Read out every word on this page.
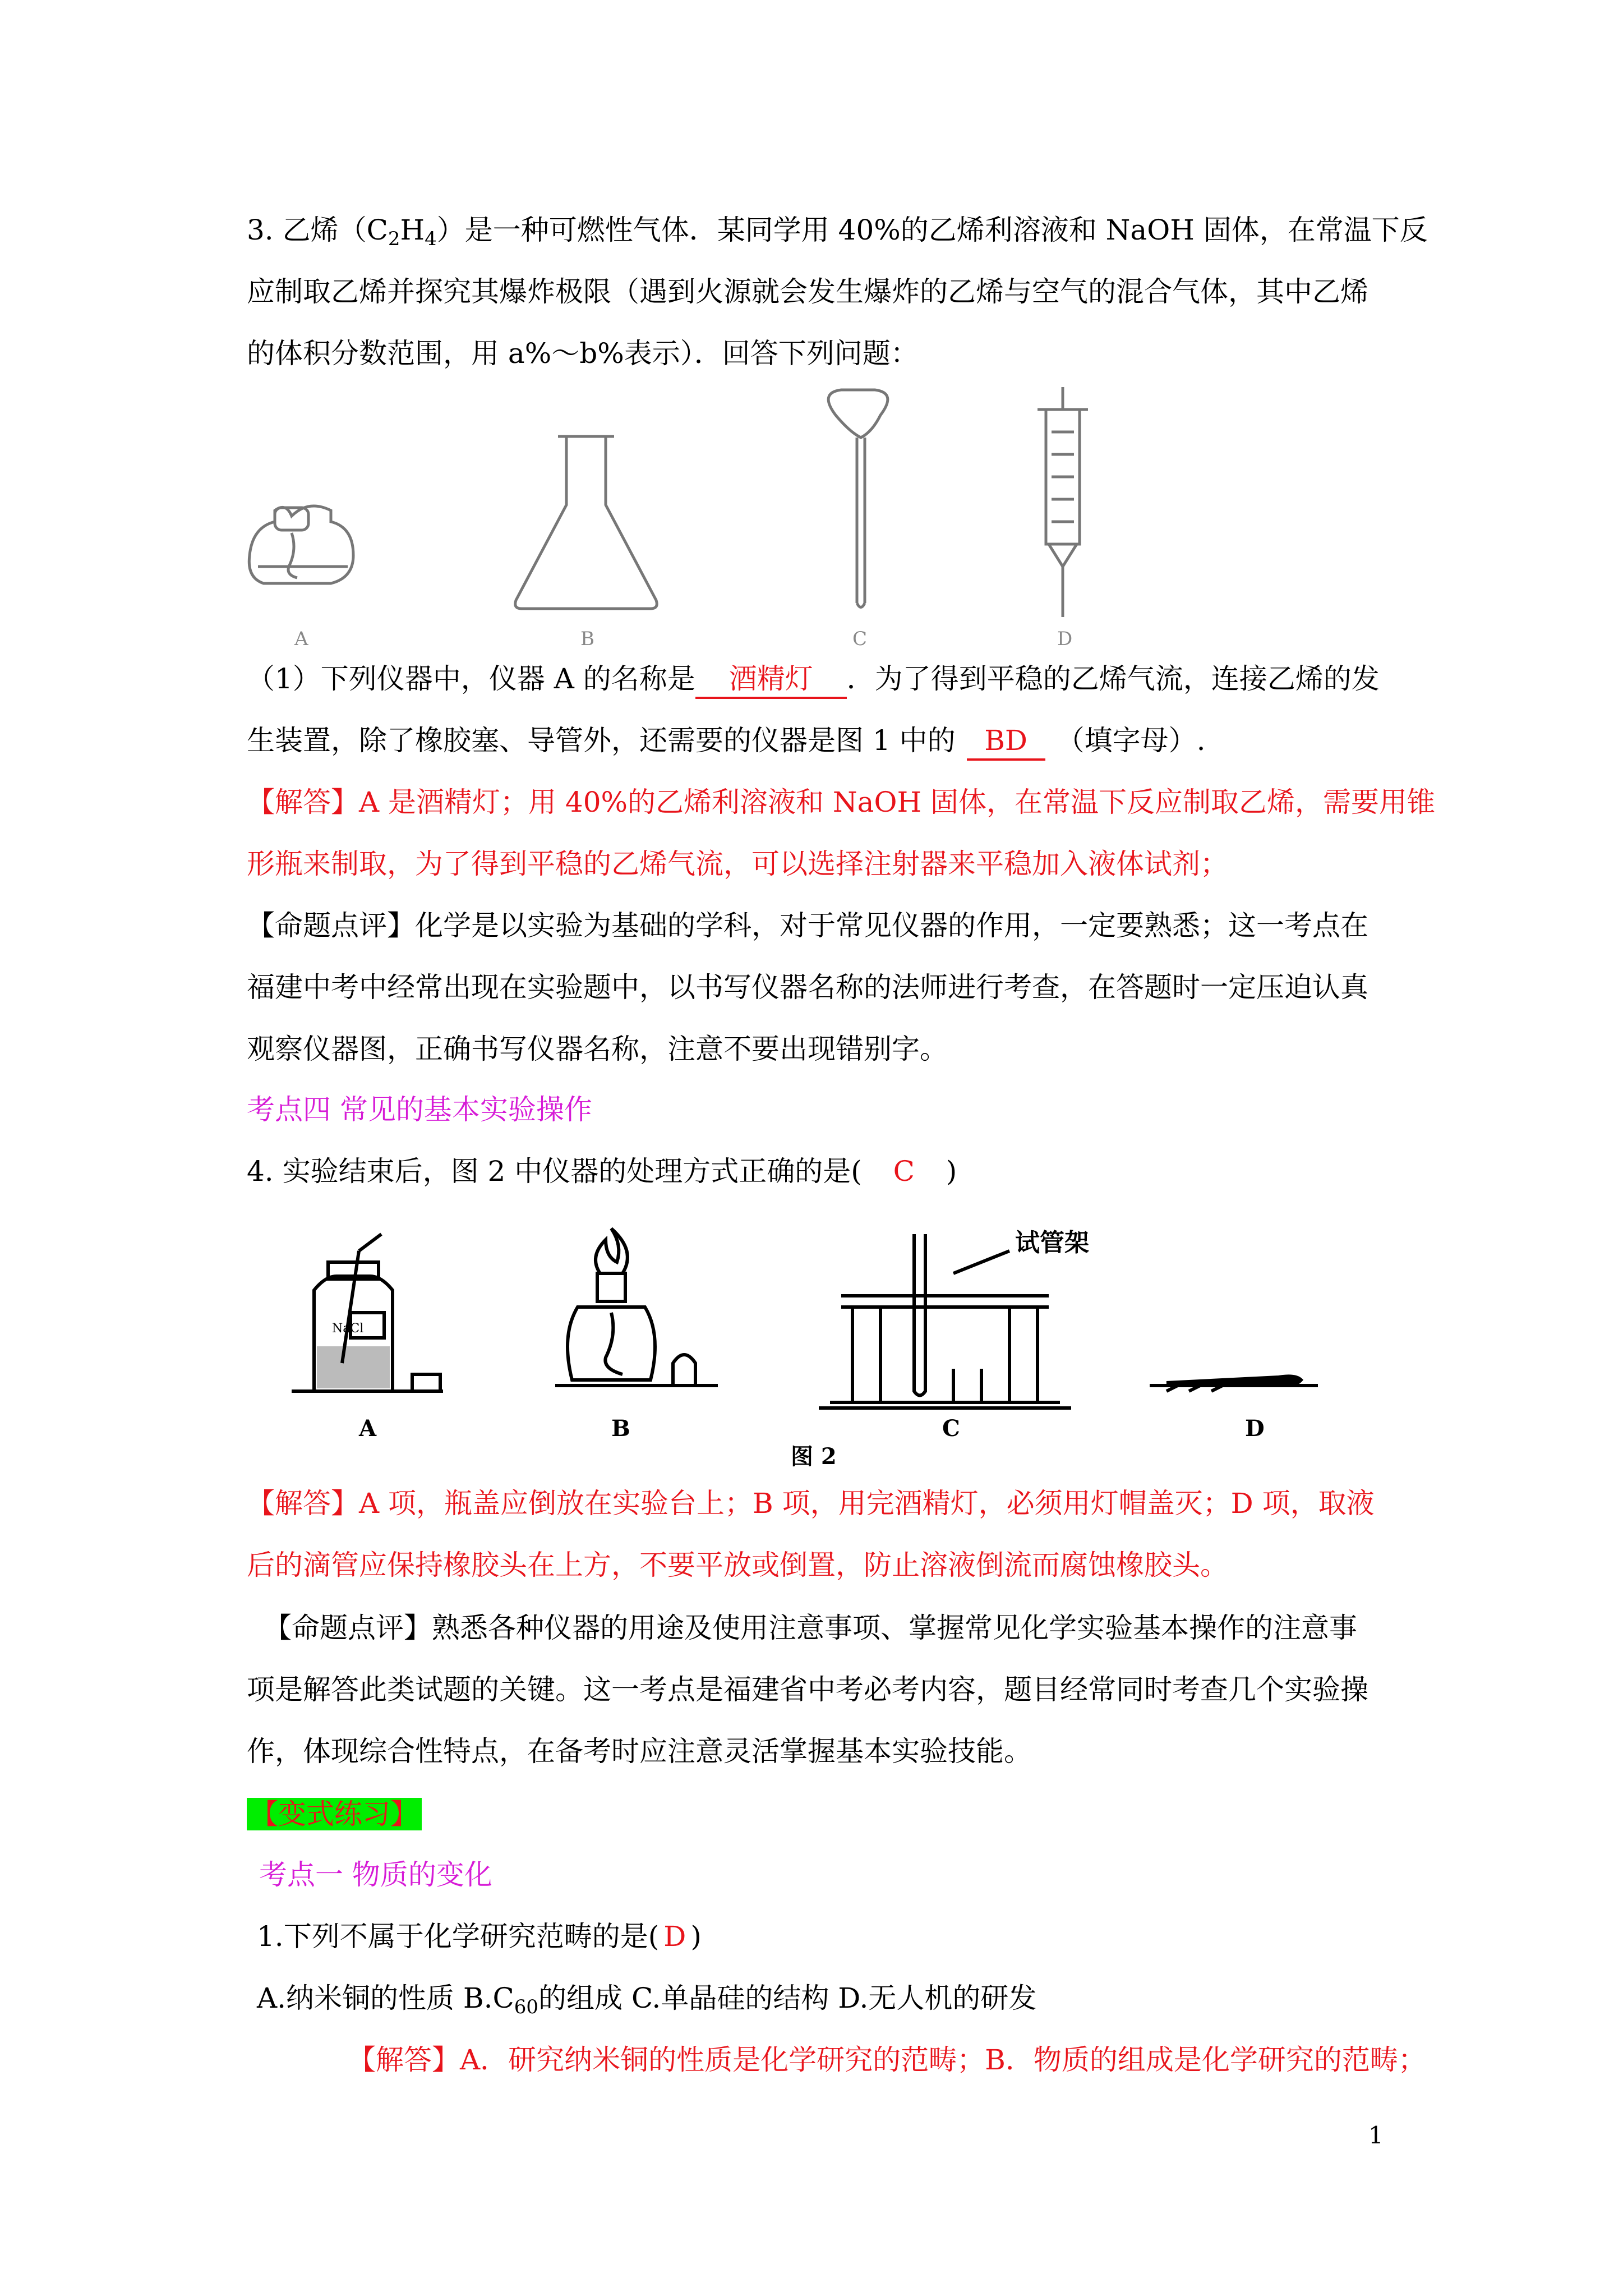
3. 乙烯$(C_2H_4)$是一种可燃性气体．某同学用 40%的乙烯利溶液和 NaOH 固体，在常温下反
应制取乙烯并探究其爆炸极限（遇到火源就会发生爆炸的乙烯与空气的混合气体，其中乙烯
的体积分数范围，用 a%～b%表示）．回答下列问题：
A	B	C	D
（1）下列仪器中，仪器 A 的名称是 酒精灯 ．为了得到平稳的乙烯气流，连接乙烯的发
生装置，除了橡胶塞、导管外，还需要的仪器是图 1 中的 BD （填字母）.
【解答】A 是酒精灯；用 40%的乙烯利溶液和 NaOH 固体，在常温下反应制取乙烯，需要用锥
形瓶来制取，为了得到平稳的乙烯气流，可以选择注射器来平稳加入液体试剂；
【命题点评】化学是以实验为基础的学科，对于常见仪器的作用，一定要熟悉；这一考点在
福建中考中经常出现在实验题中，以书写仪器名称的法师进行考查，在答题时一定压迫认真
观察仪器图，正确书写仪器名称，注意不要出现错别字。
考点四 常见的基本实验操作
4. 实验结束后，图 2 中仪器的处理方式正确的是( C )
NaCl
试管架
A	B	C	D
图 2
【解答】A 项，瓶盖应倒放在实验台上；B 项，用完酒精灯，必须用灯帽盖灭；D 项，取液
后的滴管应保持橡胶头在上方，不要平放或倒置，防止溶液倒流而腐蚀橡胶头。
【命题点评】熟悉各种仪器的用途及使用注意事项、掌握常见化学实验基本操作的注意事
项是解答此类试题的关键。这一考点是福建省中考必考内容，题目经常同时考查几个实验操
作，体现综合性特点，在备考时应注意灵活掌握基本实验技能。
【变式练习】
考点一 物质的变化
1.下列不属于化学研究范畴的是( D )
A.纳米铜的性质 $B.C_{60}$的组成 C.单晶硅的结构 D.无人机的研发
【解答】A．研究纳米铜的性质是化学研究的范畴；B．物质的组成是化学研究的范畴；
1
